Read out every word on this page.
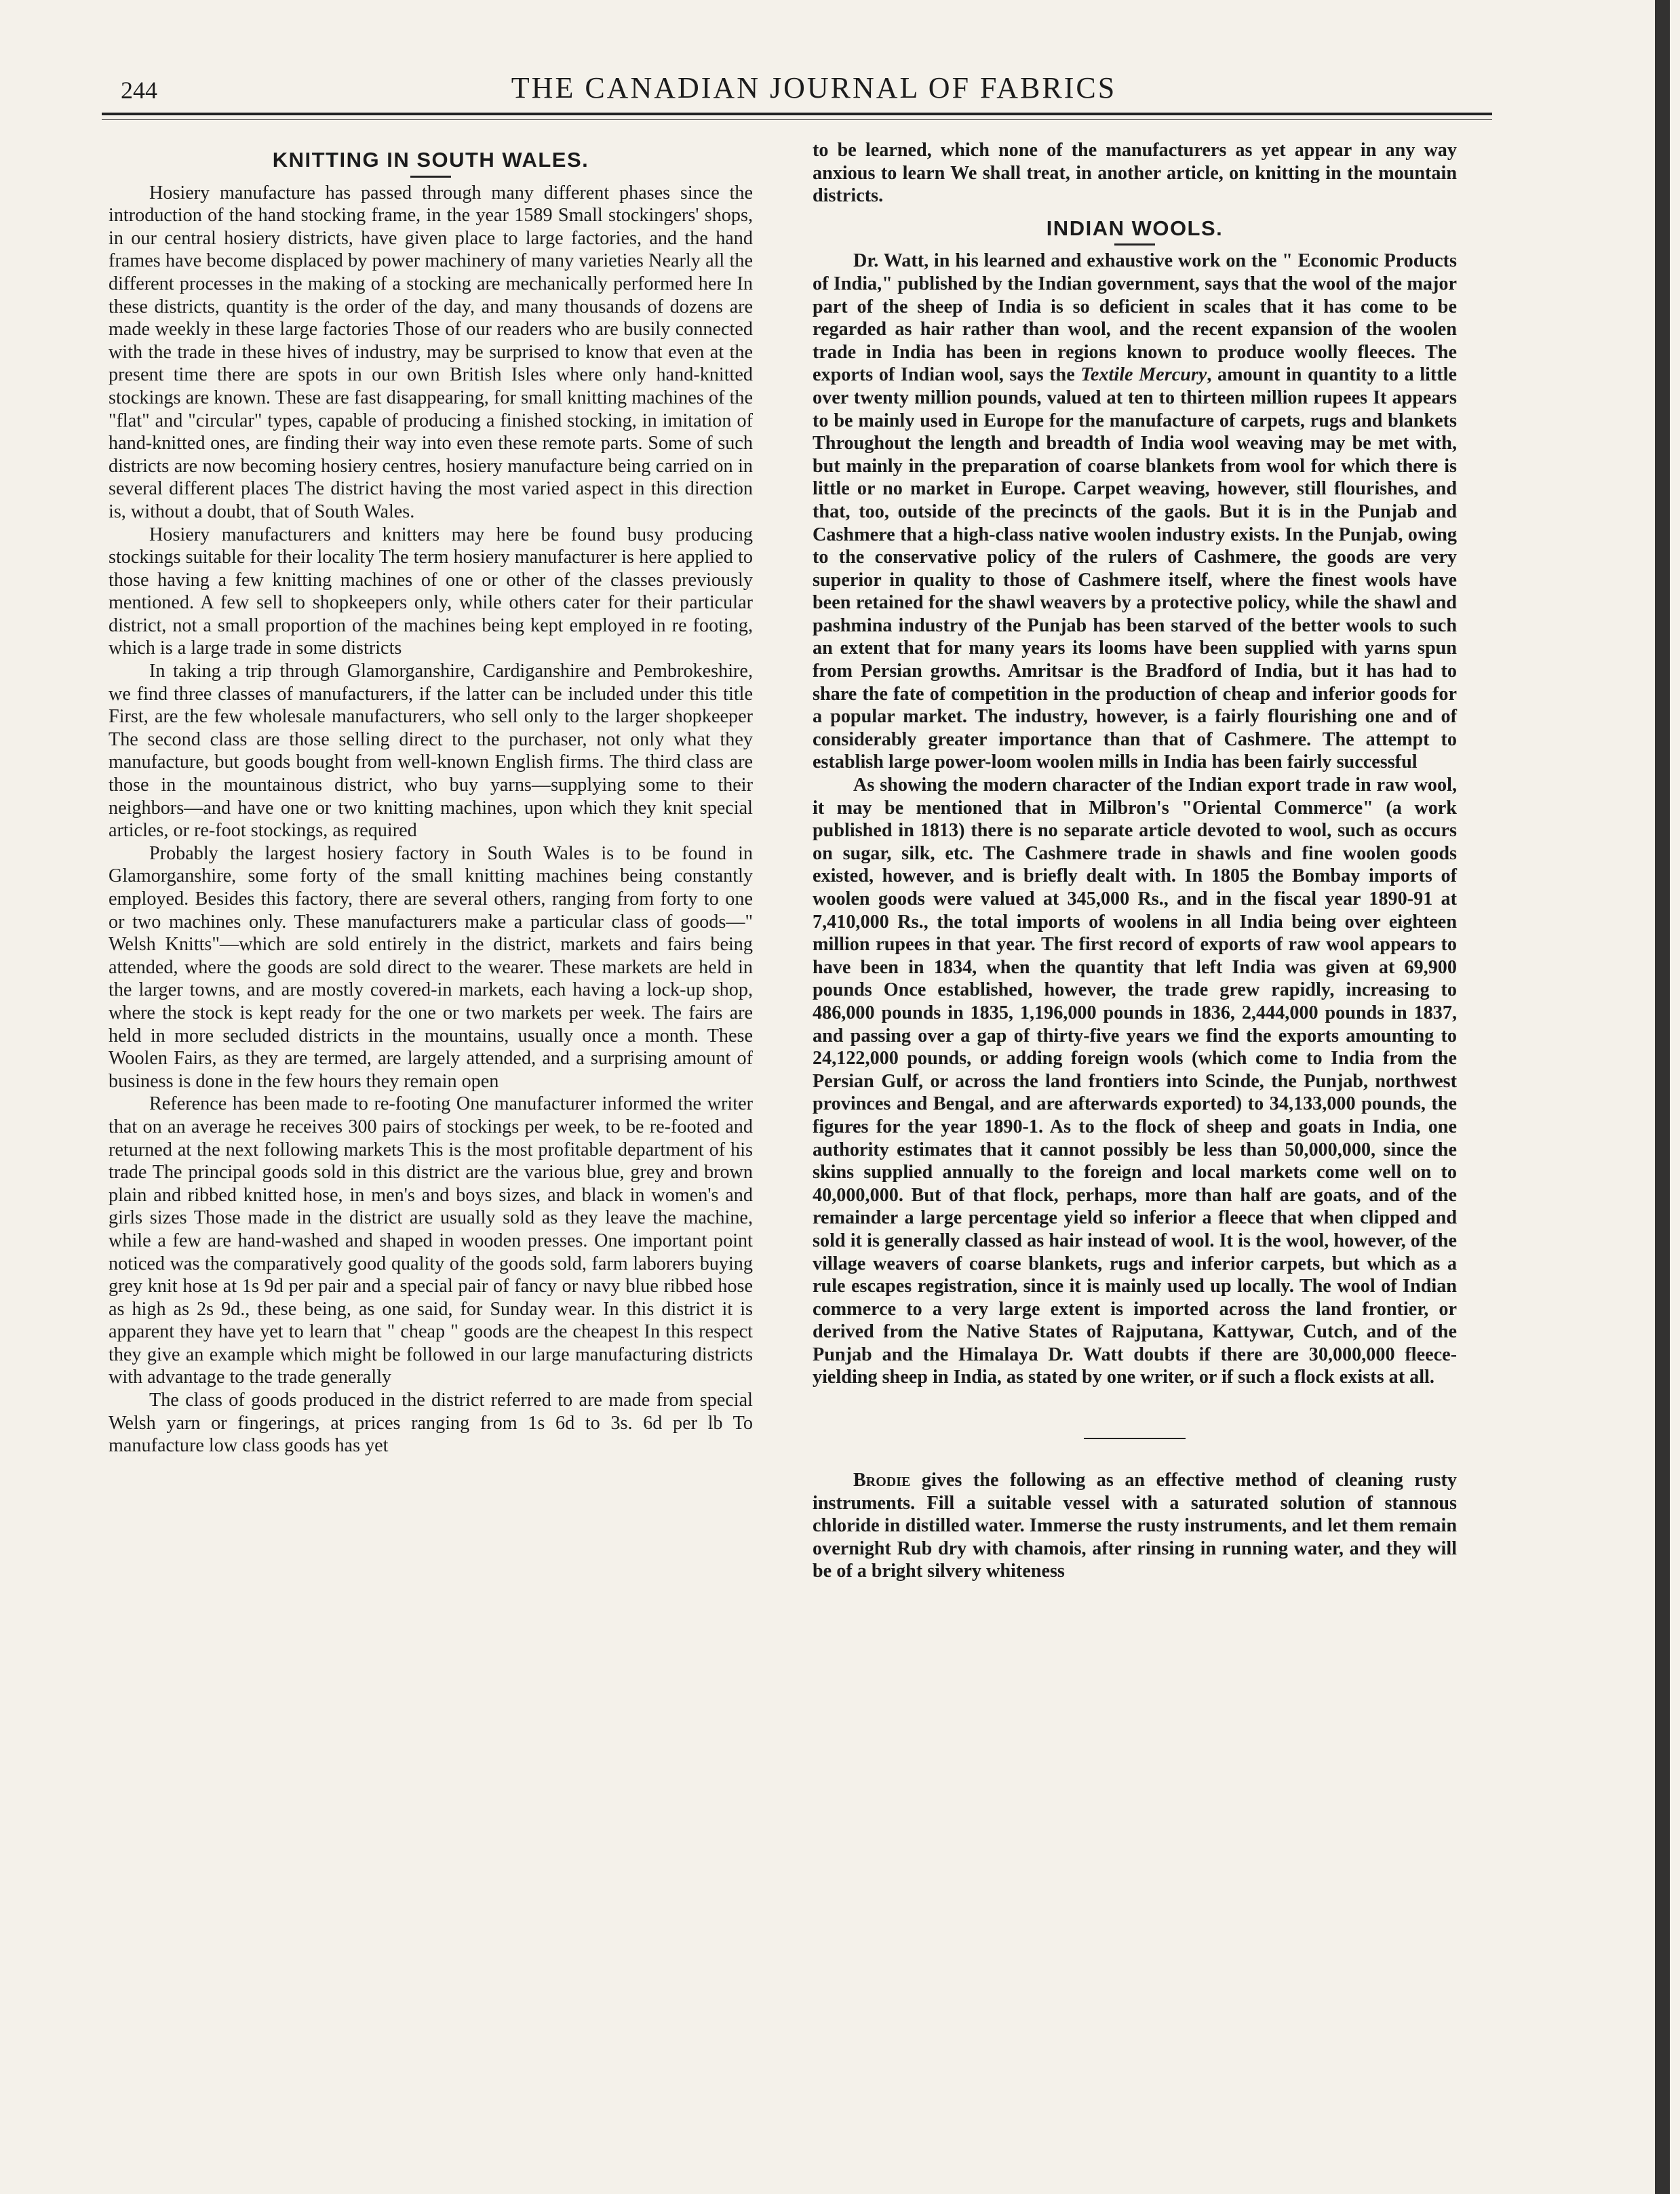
244	THE CANADIAN JOURNAL OF FABRICS
KNITTING IN SOUTH WALES.

Hosiery manufacture has passed through many different phases since the introduction of the hand stocking frame, in the year 1589 Small stockingers' shops, in our central hosiery districts, have given place to large factories, and the hand frames have become displaced by power machinery of many varieties Nearly all the different processes in the making of a stocking are mechanically performed here In these districts, quantity is the order of the day, and many thousands of dozens are made weekly in these large factories Those of our readers who are busily connected with the trade in these hives of industry, may be surprised to know that even at the present time there are spots in our own British Isles where only hand-knitted stockings are known. These are fast disappearing, for small knitting machines of the "flat" and "circular" types, capable of producing a finished stocking, in imitation of hand-knitted ones, are finding their way into even these remote parts. Some of such districts are now becoming hosiery centres, hosiery manufacture being carried on in several different places The district having the most varied aspect in this direction is, without a doubt, that of South Wales.

Hosiery manufacturers and knitters may here be found busy producing stockings suitable for their locality The term hosiery manufacturer is here applied to those having a few knitting machines of one or other of the classes previously mentioned. A few sell to shopkeepers only, while others cater for their particular district, not a small proportion of the machines being kept employed in re footing, which is a large trade in some districts

In taking a trip through Glamorganshire, Cardiganshire and Pembrokeshire, we find three classes of manufacturers, if the latter can be included under this title First, are the few wholesale manufacturers, who sell only to the larger shopkeeper The second class are those selling direct to the purchaser, not only what they manufacture, but goods bought from well-known English firms. The third class are those in the mountainous district, who buy yarns—supplying some to their neighbors—and have one or two knitting machines, upon which they knit special articles, or re-foot stockings, as required

Probably the largest hosiery factory in South Wales is to be found in Glamorganshire, some forty of the small knitting machines being constantly employed. Besides this factory, there are several others, ranging from forty to one or two machines only. These manufacturers make a particular class of goods—" Welsh Knitts"—which are sold entirely in the district, markets and fairs being attended, where the goods are sold direct to the wearer. These markets are held in the larger towns, and are mostly covered-in markets, each having a lock-up shop, where the stock is kept ready for the one or two markets per week. The fairs are held in more secluded districts in the mountains, usually once a month. These Woolen Fairs, as they are termed, are largely attended, and a surprising amount of business is done in the few hours they remain open

Reference has been made to re-footing One manufacturer informed the writer that on an average he receives 300 pairs of stockings per week, to be re-footed and returned at the next following markets This is the most profitable department of his trade The principal goods sold in this district are the various blue, grey and brown plain and ribbed knitted hose, in men's and boys sizes, and black in women's and girls sizes Those made in the district are usually sold as they leave the machine, while a few are hand-washed and shaped in wooden presses. One important point noticed was the comparatively good quality of the goods sold, farm laborers buying grey knit hose at 1s 9d per pair and a special pair of fancy or navy blue ribbed hose as high as 2s 9d., these being, as one said, for Sunday wear. In this district it is apparent they have yet to learn that " cheap " goods are the cheapest In this respect they give an example which might be followed in our large manufacturing districts with advantage to the trade generally

The class of goods produced in the district referred to are made from special Welsh yarn or fingerings, at prices ranging from 1s 6d to 3s. 6d per lb To manufacture low class goods has yet

to be learned, which none of the manufacturers as yet appear in any way anxious to learn We shall treat, in another article, on knitting in the mountain districts.

INDIAN WOOLS.

Dr. Watt, in his learned and exhaustive work on the " Economic Products of India," published by the Indian government, says that the wool of the major part of the sheep of India is so deficient in scales that it has come to be regarded as hair rather than wool, and the recent expansion of the woolen trade in India has been in regions known to produce woolly fleeces. The exports of Indian wool, says the Textile Mercury, amount in quantity to a little over twenty million pounds, valued at ten to thirteen million rupees It appears to be mainly used in Europe for the manufacture of carpets, rugs and blankets Throughout the length and breadth of India wool weaving may be met with, but mainly in the preparation of coarse blankets from wool for which there is little or no market in Europe. Carpet weaving, however, still flourishes, and that, too, outside of the precincts of the gaols. But it is in the Punjab and Cashmere that a high-class native woolen industry exists. In the Punjab, owing to the conservative policy of the rulers of Cashmere, the goods are very superior in quality to those of Cashmere itself, where the finest wools have been retained for the shawl weavers by a protective policy, while the shawl and pashmina industry of the Punjab has been starved of the better wools to such an extent that for many years its looms have been supplied with yarns spun from Persian growths. Amritsar is the Bradford of India, but it has had to share the fate of competition in the production of cheap and inferior goods for a popular market. The industry, however, is a fairly flourishing one and of considerably greater importance than that of Cashmere. The attempt to establish large power-loom woolen mills in India has been fairly successful

As showing the modern character of the Indian export trade in raw wool, it may be mentioned that in Milbron's "Oriental Commerce" (a work published in 1813) there is no separate article devoted to wool, such as occurs on sugar, silk, etc. The Cashmere trade in shawls and fine woolen goods existed, however, and is briefly dealt with. In 1805 the Bombay imports of woolen goods were valued at 345,000 Rs., and in the fiscal year 1890-91 at 7,410,000 Rs., the total imports of woolens in all India being over eighteen million rupees in that year. The first record of exports of raw wool appears to have been in 1834, when the quantity that left India was given at 69,900 pounds Once established, however, the trade grew rapidly, increasing to 486,000 pounds in 1835, 1,196,000 pounds in 1836, 2,444,000 pounds in 1837, and passing over a gap of thirty-five years we find the exports amounting to 24,122,000 pounds, or adding foreign wools (which come to India from the Persian Gulf, or across the land frontiers into Scinde, the Punjab, northwest provinces and Bengal, and are afterwards exported) to 34,133,000 pounds, the figures for the year 1890-1. As to the flock of sheep and goats in India, one authority estimates that it cannot possibly be less than 50,000,000, since the skins supplied annually to the foreign and local markets come well on to 40,000,000. But of that flock, perhaps, more than half are goats, and of the remainder a large percentage yield so inferior a fleece that when clipped and sold it is generally classed as hair instead of wool. It is the wool, however, of the village weavers of coarse blankets, rugs and inferior carpets, but which as a rule escapes registration, since it is mainly used up locally. The wool of Indian commerce to a very large extent is imported across the land frontier, or derived from the Native States of Rajputana, Kattywar, Cutch, and of the Punjab and the Himalaya Dr. Watt doubts if there are 30,000,000 fleece-yielding sheep in India, as stated by one writer, or if such a flock exists at all.

Brodie gives the following as an effective method of cleaning rusty instruments. Fill a suitable vessel with a saturated solution of stannous chloride in distilled water. Immerse the rusty instruments, and let them remain overnight Rub dry with chamois, after rinsing in running water, and they will be of a bright silvery whiteness
